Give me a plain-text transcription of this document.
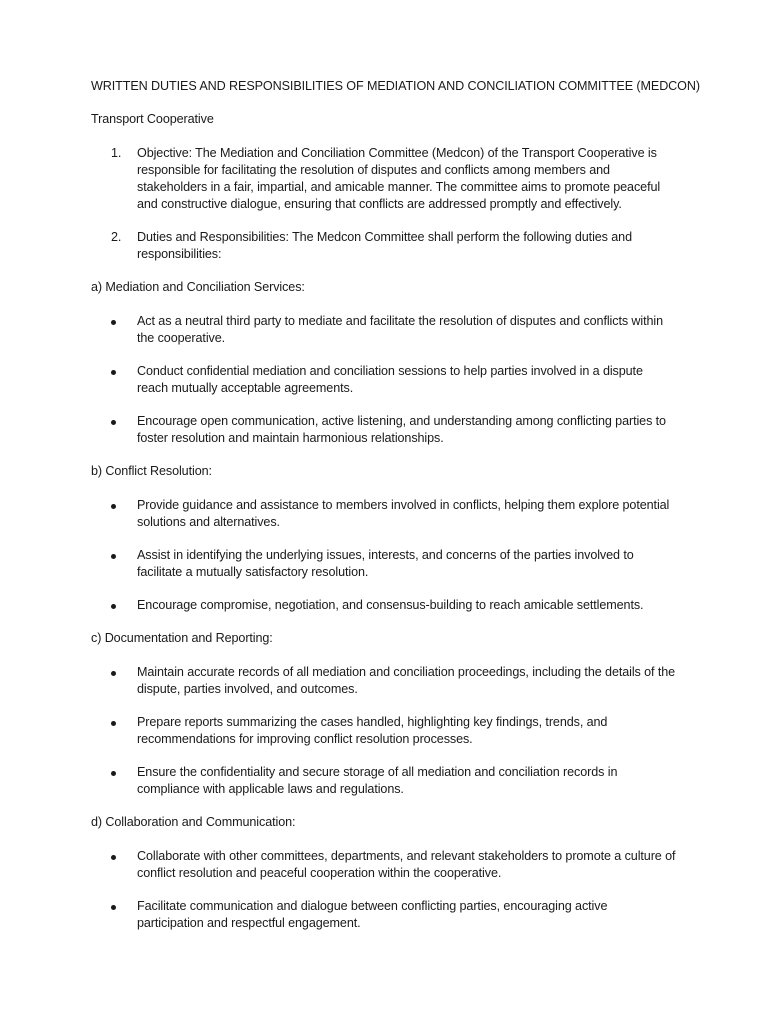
WRITTEN DUTIES AND RESPONSIBILITIES OF MEDIATION AND CONCILIATION COMMITTEE (MEDCON)
Transport Cooperative
1. Objective: The Mediation and Conciliation Committee (Medcon) of the Transport Cooperative is responsible for facilitating the resolution of disputes and conflicts among members and stakeholders in a fair, impartial, and amicable manner. The committee aims to promote peaceful and constructive dialogue, ensuring that conflicts are addressed promptly and effectively.
2. Duties and Responsibilities: The Medcon Committee shall perform the following duties and responsibilities:
a) Mediation and Conciliation Services:
Act as a neutral third party to mediate and facilitate the resolution of disputes and conflicts within the cooperative.
Conduct confidential mediation and conciliation sessions to help parties involved in a dispute reach mutually acceptable agreements.
Encourage open communication, active listening, and understanding among conflicting parties to foster resolution and maintain harmonious relationships.
b) Conflict Resolution:
Provide guidance and assistance to members involved in conflicts, helping them explore potential solutions and alternatives.
Assist in identifying the underlying issues, interests, and concerns of the parties involved to facilitate a mutually satisfactory resolution.
Encourage compromise, negotiation, and consensus-building to reach amicable settlements.
c) Documentation and Reporting:
Maintain accurate records of all mediation and conciliation proceedings, including the details of the dispute, parties involved, and outcomes.
Prepare reports summarizing the cases handled, highlighting key findings, trends, and recommendations for improving conflict resolution processes.
Ensure the confidentiality and secure storage of all mediation and conciliation records in compliance with applicable laws and regulations.
d) Collaboration and Communication:
Collaborate with other committees, departments, and relevant stakeholders to promote a culture of conflict resolution and peaceful cooperation within the cooperative.
Facilitate communication and dialogue between conflicting parties, encouraging active participation and respectful engagement.
